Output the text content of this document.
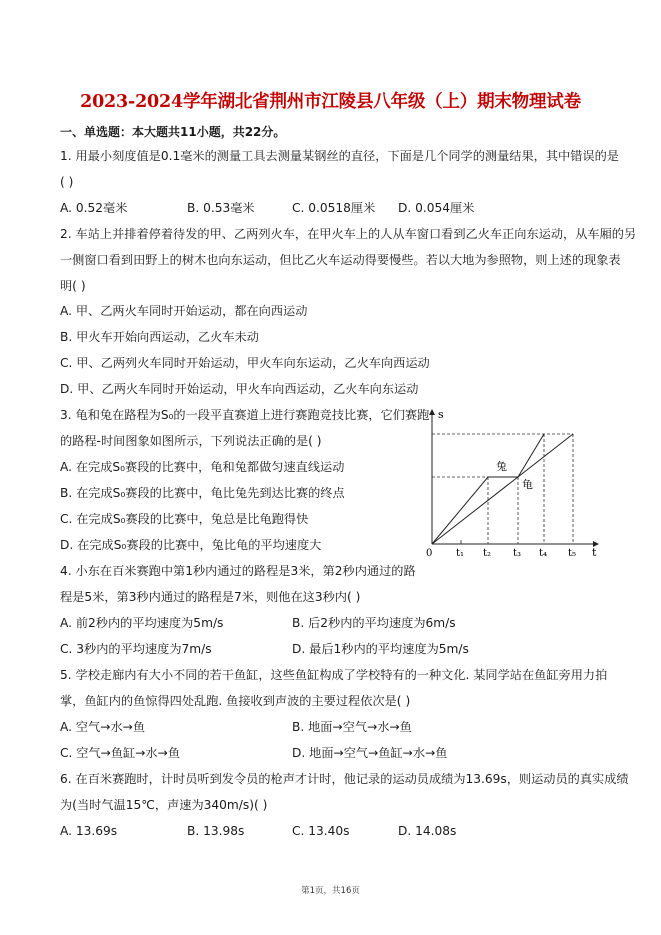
2023-2024学年湖北省荆州市江陵县八年级（上）期末物理试卷
一、单选题：本大题共11小题，共22分。
1. 用最小刻度值是0.1毫米的测量工具去测量某钢丝的直径，下面是几个同学的测量结果，其中错误的是
( )
A. 0.52毫米	B. 0.53毫米	C. 0.0518厘米 D. 0.054厘米
2. 车站上并排着停着待发的甲、乙两列火车，在甲火车上的人从车窗口看到乙火车正向东运动，从车厢的另
一侧窗口看到田野上的树木也向东运动，但比乙火车运动得要慢些。若以大地为参照物，则上述的现象表
明( )
A. 甲、乙两火车同时开始运动，都在向西运动
B. 甲火车开始向西运动，乙火车未动
C. 甲、乙两列火车同时开始运动，甲火车向东运动，乙火车向西运动
D. 甲、乙两火车同时开始运动，甲火车向西运动，乙火车向东运动
3. 龟和兔在路程为S₀的一段平直赛道上进行赛跑竞技比赛，它们赛跑
的路程-时间图象如图所示，下列说法正确的是( )
A. 在完成S₀赛段的比赛中，龟和兔都做匀速直线运动
B. 在完成S₀赛段的比赛中，龟比兔先到达比赛的终点
C. 在完成S₀赛段的比赛中，兔总是比龟跑得快
D. 在完成S₀赛段的比赛中，兔比龟的平均速度大
s
t
0 t₁ t₂ t₃ t₄ t₅
兔
龟
4. 小东在百米赛跑中第1秒内通过的路程是3米，第2秒内通过的路
程是5米，第3秒内通过的路程是7米，则他在这3秒内( )
A. 前2秒内的平均速度为5m/s	B. 后2秒内的平均速度为6m/s
C. 3秒内的平均速度为7m/s	D. 最后1秒内的平均速度为5m/s
5. 学校走廊内有大小不同的若干鱼缸，这些鱼缸构成了学校特有的一种文化. 某同学站在鱼缸旁用力拍
掌，鱼缸内的鱼惊得四处乱跑. 鱼接收到声波的主要过程依次是( )
A. 空气→水→鱼	B. 地面→空气→水→鱼
C. 空气→鱼缸→水→鱼	D. 地面→空气→鱼缸→水→鱼
6. 在百米赛跑时，计时员听到发令员的枪声才计时，他记录的运动员成绩为13.69s，则运动员的真实成绩
为(当时气温15℃，声速为340m/s)( )
A. 13.69s	B. 13.98s	C. 13.40s	D. 14.08s
第1页，共16页
